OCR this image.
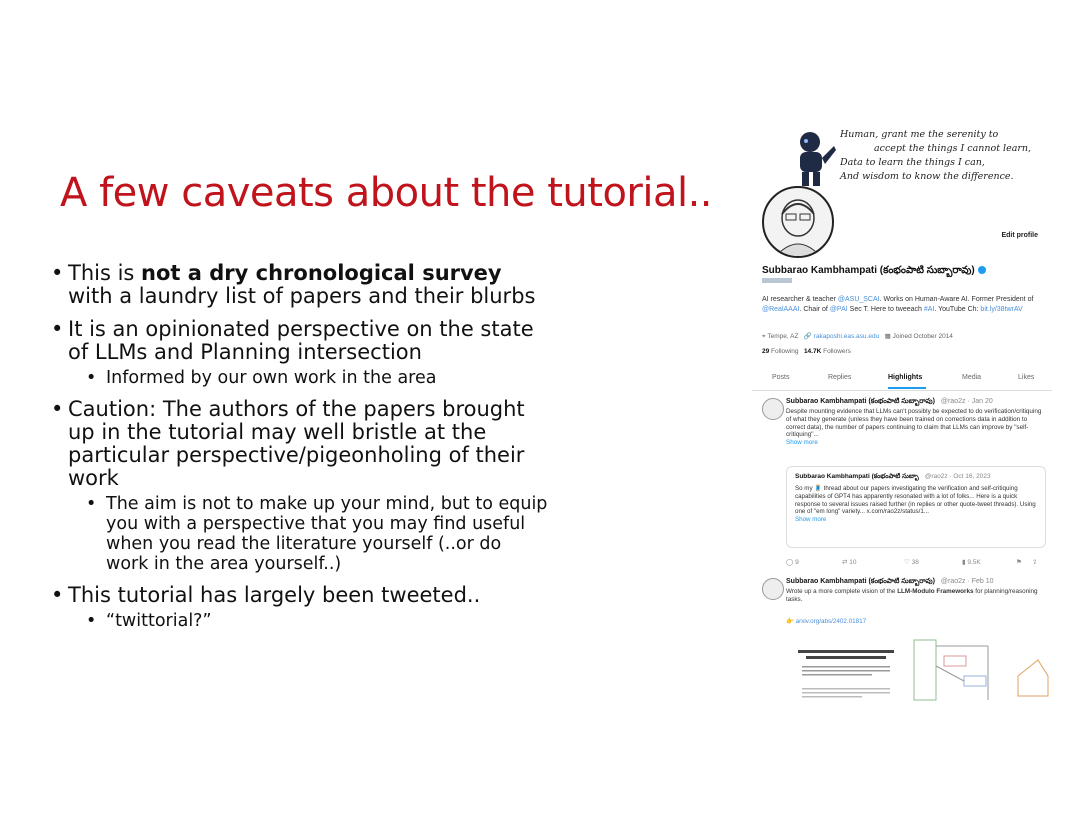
A few caveats about the tutorial..
• This is not a dry chronological survey with a laundry list of papers and their blurbs
• It is an opinionated perspective on the state of LLMs and Planning intersection
• Informed by our own work in the area
• Caution: The authors of the papers brought up in the tutorial may well bristle at the particular perspective/pigeonholing of their work
• The aim is not to make up your mind, but to equip you with a perspective that you may find useful when you read the literature yourself (..or do work in the area yourself..)
• This tutorial has largely been tweeted..
• “twittorial?”
Human, grant me the serenity to
accept the things I cannot learn,
Data to learn the things I can,
And wisdom to know the difference.
Edit profile
Subbarao Kambhampati (కంభంపాటి సుబ్బారావు)
AI researcher & teacher @ASU_SCAI. Works on Human-Aware AI. Former President of @RealAAAI. Chair of @PAI Sec T. Here to tweeach #AI. YouTube Ch: bit.ly/38twrAV
⌖ Tempe, AZ 🔗 rakaposhi.eas.asu.edu ▦ Joined October 2014
29 Following 14.7K Followers
Posts	Replies	Highlights	Media	Likes
Subbarao Kambhampati (కంభంపాటి సుబ్బారావు) @rao2z · Jan 20
Despite mounting evidence that LLMs can't possibly be expected to do verification/critiquing of what they generate (unless they have been trained on corrections data in addition to correct data), the number of papers continuing to claim that LLMs can improve by "self-critiquing"...
Show more
Subbarao Kambhampati (కంభంపాటి సుబ్బా @rao2z · Oct 16, 2023
So my 🧵 thread about our papers investigating the verification and self-critiquing capabilities of GPT4 has apparently resonated with a lot of folks... Here is a quick response to several issues raised further (in replies or other quote-tweet threads). Using one of "em long" variety... x.com/rao2z/status/1...
Show more
◯ 9	⇄ 10	♡ 38	▮ 9.5K	⚑ ⇪
Subbarao Kambhampati (కంభంపాటి సుబ్బారావు) @rao2z · Feb 10
Wrote up a more complete vision of the LLM-Modulo Frameworks for planning/reasoning tasks.
👉 arxiv.org/abs/2402.01817
